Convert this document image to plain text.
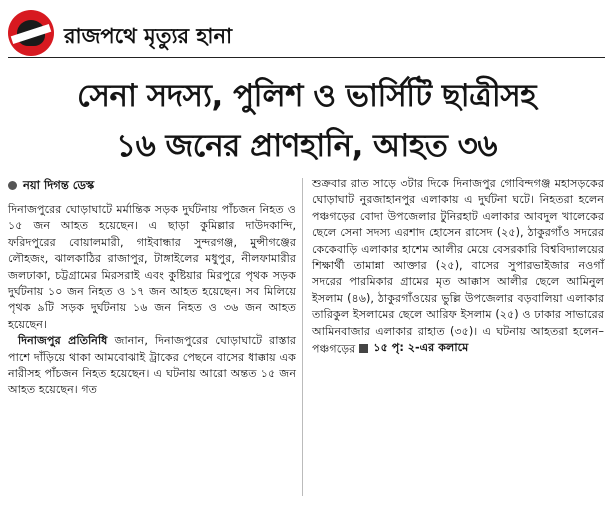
রাজপথে মৃত্যুর হানা
সেনা সদস্য, পুলিশ ও ভার্সিটি ছাত্রীসহ
১৬ জনের প্রাণহানি, আহত ৩৬
নয়া দিগন্ত ডেস্ক

দিনাজপুরের ঘোড়াঘাটে মর্মান্তিক সড়ক দুর্ঘটনায় পাঁচজন নিহত ও ১৫ জন আহত হয়েছেন। এ ছাড়া কুমিল্লার দাউদকান্দি, ফরিদপুরের বোয়ালমারী, গাইবান্ধার সুন্দরগঞ্জ, মুন্সীগঞ্জের লৌহজং, ঝালকাঠির রাজাপুর, টাঙ্গাইলের মধুপুর, নীলফামারীর জলঢাকা, চট্টগ্রামের মিরসরাই এবং কুষ্টিয়ার মিরপুরে পৃথক সড়ক দুর্ঘটনায় ১০ জন নিহত ও ১৭ জন আহত হয়েছেন। সব মিলিয়ে পৃথক ৯টি সড়ক দুর্ঘটনায় ১৬ জন নিহত ও ৩৬ জন আহত হয়েছেন।

দিনাজপুর প্রতিনিধি জানান, দিনাজপুরের ঘোড়াঘাটে রাস্তার পাশে দাঁড়িয়ে থাকা আমবোঝাই ট্রাকের পেছনে বাসের ধাক্কায় এক নারীসহ পাঁচজন নিহত হয়েছেন। এ ঘটনায় আরো অন্তত ১৫ জন আহত হয়েছেন। গত

শুক্রবার রাত সাড়ে ৩টার দিকে দিনাজপুর গোবিন্দগঞ্জ মহাসড়কের ঘোড়াঘাট নুরজাহানপুর এলাকায় এ দুর্ঘটনা ঘটে। নিহতরা হলেন পঞ্চগড়ের বোদা উপজেলার টুনিরহাট এলাকার আবদুল খালেকের ছেলে সেনা সদস্য এরশাদ হোসেন রাসেদ (২৫), ঠাকুরগাঁও সদরের কেকেবাড়ি এলাকার হাশেম আলীর মেয়ে বেসরকারি বিশ্ববিদ্যালয়ের শিক্ষার্থী তামান্না আক্তার (২৫), বাসের সুপারভাইজার নওগাঁ সদরের পারমিকার গ্রামের মৃত আক্কাস আলীর ছেলে আমিনুল ইসলাম (৪৬), ঠাকুরগাঁওয়ের ভুল্লি উপজেলার বড়বালিয়া এলাকার তারিকুল ইসলামের ছেলে আরিফ ইসলাম (২৫) ও ঢাকার সাভারের আমিনবাজার এলাকার রাহাত (৩৫)। এ ঘটনায় আহতরা হলেন– পঞ্চগড়ের ১৫ পৃ: ২-এর কলামে
